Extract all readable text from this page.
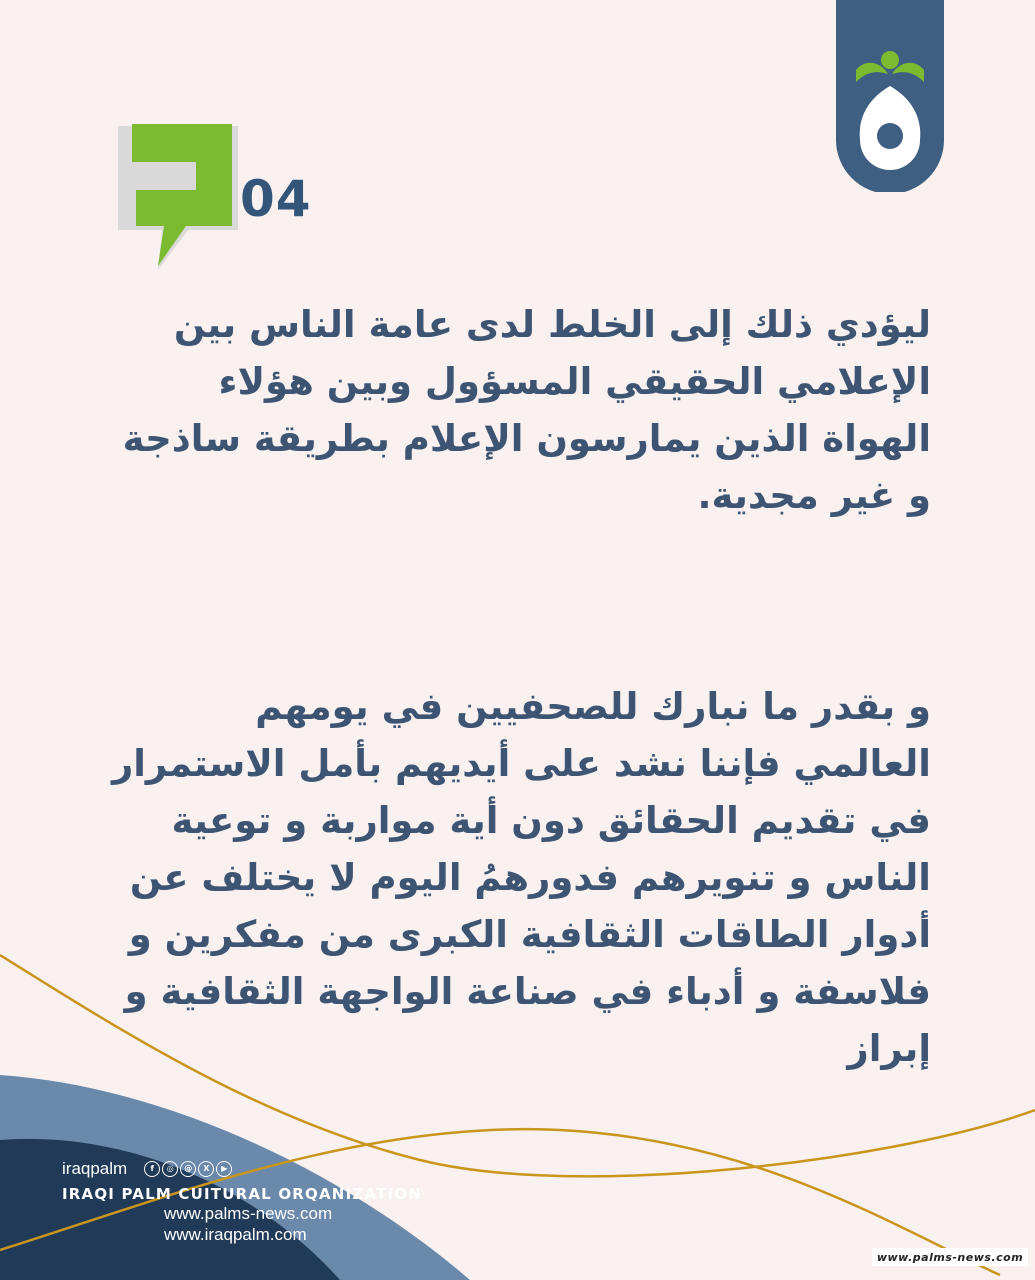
04

ليؤدي ذلك إلى الخلط لدى عامة الناس بين الإعلامي الحقيقي المسؤول وبين هؤلاء الهواة الذين يمارسون الإعلام بطريقة ساذجة و غير مجدية.

و بقدر ما نبارك للصحفيين في يومهم العالمي فإننا نشد على أيديهم بأمل الاستمرار في تقديم الحقائق دون أية مواربة و توعية الناس و تنويرهم فدورهمُ اليوم لا يختلف عن أدوار الطاقات الثقافية الكبرى من مفكرين و فلاسفة و أدباء في صناعة الواجهة الثقافية و إبراز

iraqpalm	f	◎	@	X	▶
IRAQI PALM CUITURAL ORQANIZATION
www.palms-news.com
www.iraqpalm.com
www.palms-news.com
